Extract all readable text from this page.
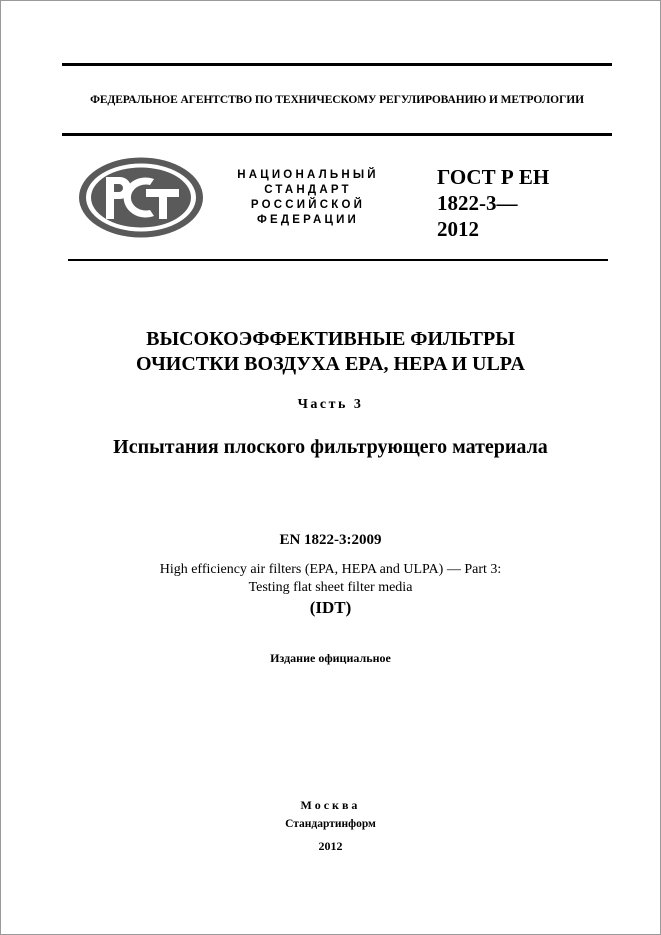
ФЕДЕРАЛЬНОЕ АГЕНТСТВО ПО ТЕХНИЧЕСКОМУ РЕГУЛИРОВАНИЮ И МЕТРОЛОГИИ
НАЦИОНАЛЬНЫЙ
СТАНДАРТ
РОССИЙСКОЙ
ФЕДЕРАЦИИ
ГОСТ Р ЕН
1822-3—
2012
ВЫСОКОЭФФЕКТИВНЫЕ ФИЛЬТРЫ
ОЧИСТКИ ВОЗДУХА EPA, HEPA И ULPA
Часть 3
Испытания плоского фильтрующего материала
EN 1822-3:2009
High efficiency air filters (EPA, HEPA and ULPA) — Part 3:
Testing flat sheet filter media
(IDT)
Издание официальное
Москва
Стандартинформ
2012
